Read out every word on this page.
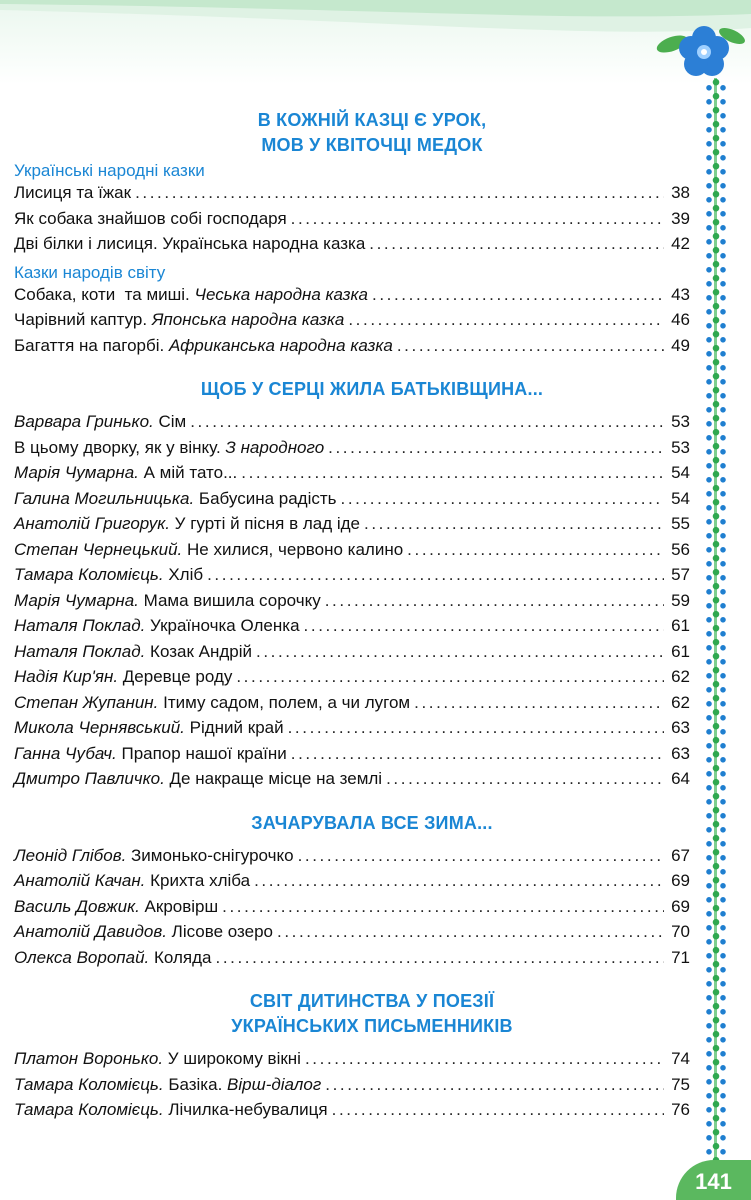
В КОЖНІЙ КАЗЦІ Є УРОК,
МОВ У КВІТОЧЦІ МЕДОК
Українські народні казки
Лисиця та їжак .....	38
Як собака знайшов собі господаря .....	39
Дві білки і лисиця. Українська народна казка .....	42
Казки народів світу
Собака, коти  та миші. Чеська народна казка .....	43
Чарівний каптур. Японська народна казка .....	46
Багаття на пагорбі. Африканська народна казка .....	49
ЩОБ У СЕРЦІ ЖИЛА БАТЬКІВЩИНА...
Варвара Гринько. Сім .....	53
В цьому дворку, як у вінку. З народного .....	53
Марія Чумарна. А мій тато... .....	54
Галина Могильницька. Бабусина радість .....	54
Анатолій Григорук. У гурті й пісня в лад іде .....	55
Степан Чернецький. Не хилися, червоно калино .....	56
Тамара Коломієць. Хліб .....	57
Марія Чумарна. Мама вишила сорочку .....	59
Наталя Поклад. Україночка Оленка .....	61
Наталя Поклад. Козак Андрій .....	61
Надія Кир'ян. Деревце роду .....	62
Степан Жупанин. Ітиму садом, полем, а чи лугом .....	62
Микола Чернявський. Рідний край .....	63
Ганна Чубач. Прапор нашої країни .....	63
Дмитро Павличко. Де накраще місце на землі .....	64
ЗАЧАРУВАЛА ВСЕ ЗИМА...
Леонід Глібов. Зимонько-снігурочко .....	67
Анатолій Качан. Крихта хліба .....	69
Василь Довжик. Акровірш .....	69
Анатолій Давидов. Лісове озеро .....	70
Олекса Воропай. Коляда .....	71
СВІТ ДИТИНСТВА У ПОЕЗІЇ
УКРАЇНСЬКИХ ПИСЬМЕННИКІВ
Платон Воронько. У широкому вікні .....	74
Тамара Коломієць. Базіка. Вірш-діалог .....	75
Тамара Коломієць. Лічилка-небувалиця .....	76
141
